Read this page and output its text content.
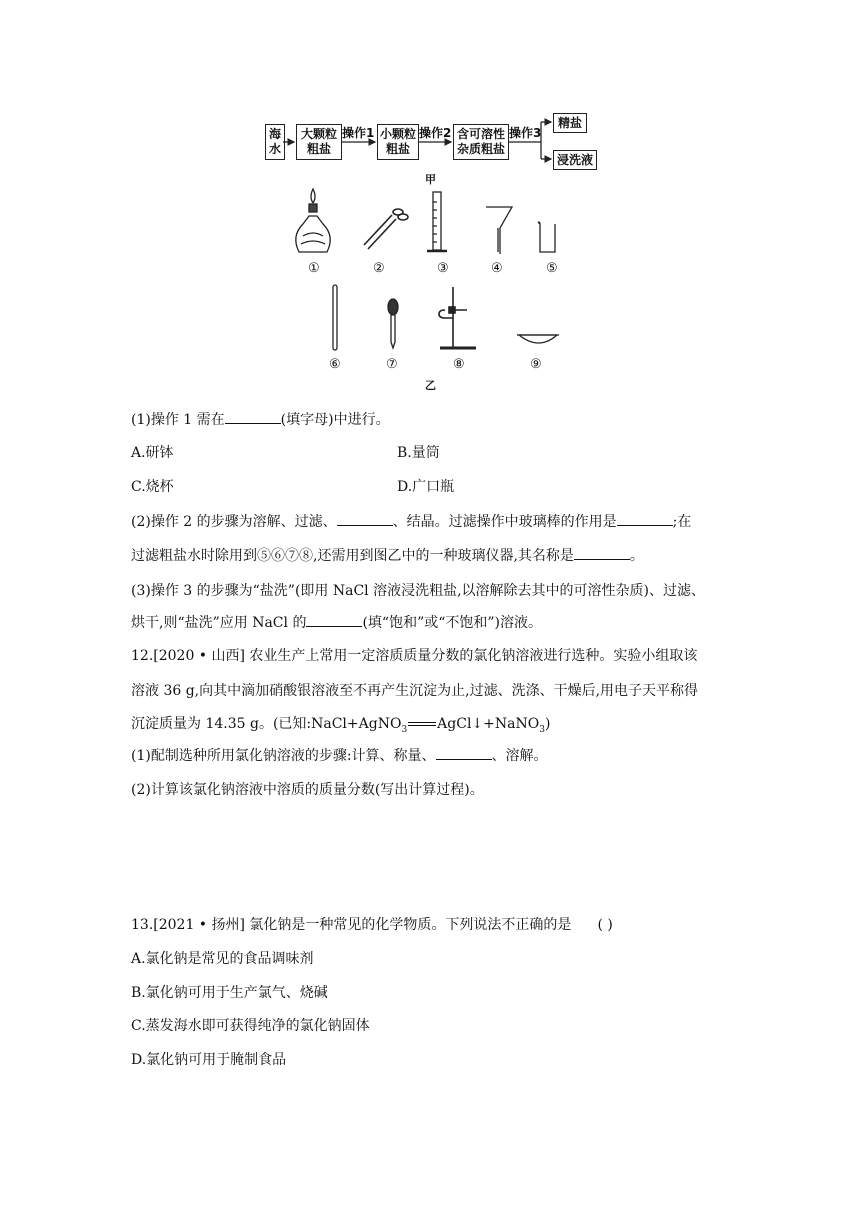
海
水
大颗粒
粗盐
小颗粒
粗盐
含可溶性
杂质粗盐
精盐
浸洗液
操作1	操作2	操作3
甲
①	②	③	④	⑤
⑥	⑦	⑧	⑨
乙
(1)操作 1 需在	(填字母)中进行。
A.研钵	B.量筒
C.烧杯	D.广口瓶
(2)操作 2 的步骤为溶解、过滤、	、结晶。过滤操作中玻璃棒的作用是	;在
过滤粗盐水时除用到⑤⑥⑦⑧,还需用到图乙中的一种玻璃仪器,其名称是	。
(3)操作 3 的步骤为“盐洗”(即用 NaCl 溶液浸洗粗盐,以溶解除去其中的可溶性杂质)、过滤、
烘干,则“盐洗”应用 NaCl 的	(填“饱和”或“不饱和”)溶液。
12.[2020 • 山西] 农业生产上常用一定溶质质量分数的氯化钠溶液进行选种。实验小组取该
溶液 36 g,向其中滴加硝酸银溶液至不再产生沉淀为止,过滤、洗涤、干燥后,用电子天平称得
沉淀质量为 14.35 g。(已知:NaCl+AgNO$_3$ AgCl↓+NaNO$_3$)
(1)配制选种所用氯化钠溶液的步骤:计算、称量、	、溶解。
(2)计算该氯化钠溶液中溶质的质量分数(写出计算过程)。
13.[2021 • 扬州] 氯化钠是一种常见的化学物质。下列说法不正确的是 ( )
A.氯化钠是常见的食品调味剂
B.氯化钠可用于生产氯气、烧碱
C.蒸发海水即可获得纯净的氯化钠固体
D.氯化钠可用于腌制食品
